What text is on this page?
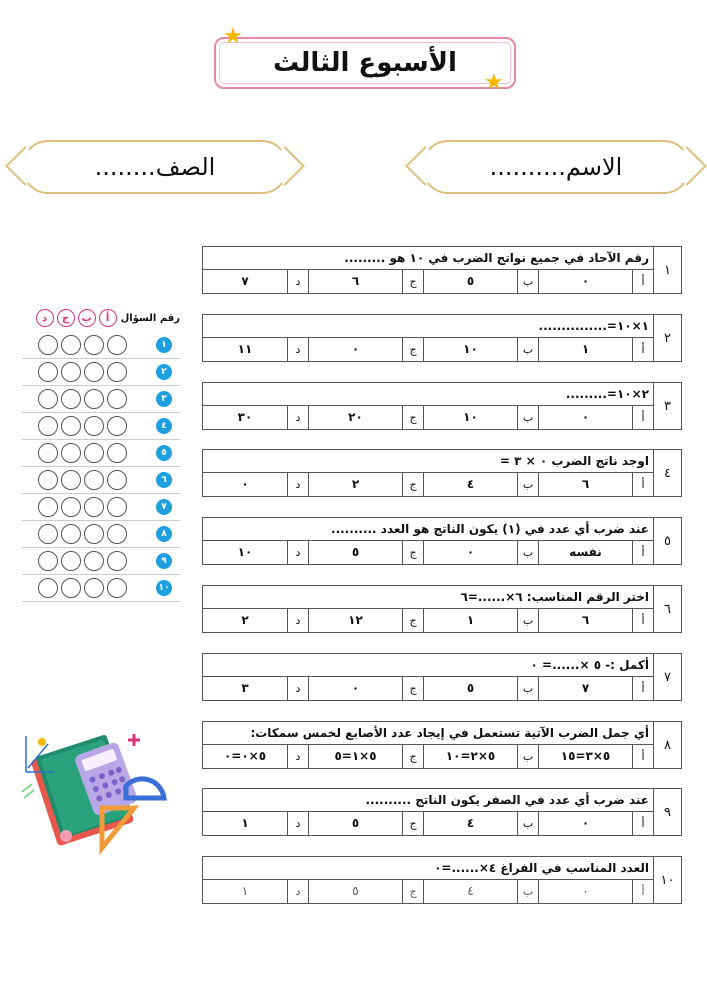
الأسبوع الثالث
★
★
الصف........	الاسم..........
رقم السؤال
أ
ب
ج
د
١
٢
٣
٤
٥
٦
٧
٨
٩
١٠
١
رقم الآحاد في جميع نواتج الضرب في ١٠ هو .........
أ
٠
ب
٥
ج
٦
د
٧
٢
١×١٠=...............
أ
١
ب
١٠
ج
٠
د
١١
٣
٢×١٠=.........
أ
٠
ب
١٠
ج
٢٠
د
٣٠
٤
اوجد ناتج الضرب ٠ × ٣ =
أ
٦
ب
٤
ج
٢
د
٠
٥
عند ضرب أي عدد في (١) يكون الناتج هو العدد ..........
أ
نفسه
ب
٠
ج
٥
د
١٠
٦
اختر الرقم المناسب: ٦×......=٦
أ
٦
ب
١
ج
١٢
د
٢
٧
أكمل :- ٥ ×......= ٠
أ
٧
ب
٥
ج
٠
د
٣
٨
أي جمل الضرب الآتية تستعمل في إيجاد عدد الأصابع لخمس سمكات:
أ
٥×٣=١٥
ب
٥×٢=١٠
ج
٥×١=٥
د
٥×٠=٠
٩
عند ضرب أي عدد في الصفر يكون الناتج ..........
أ
٠
ب
٤
ج
٥
د
١
١٠
العدد المناسب في الفراغ ٤×......=٠
أ
٠
ب
٤
ج
٥
د
١
